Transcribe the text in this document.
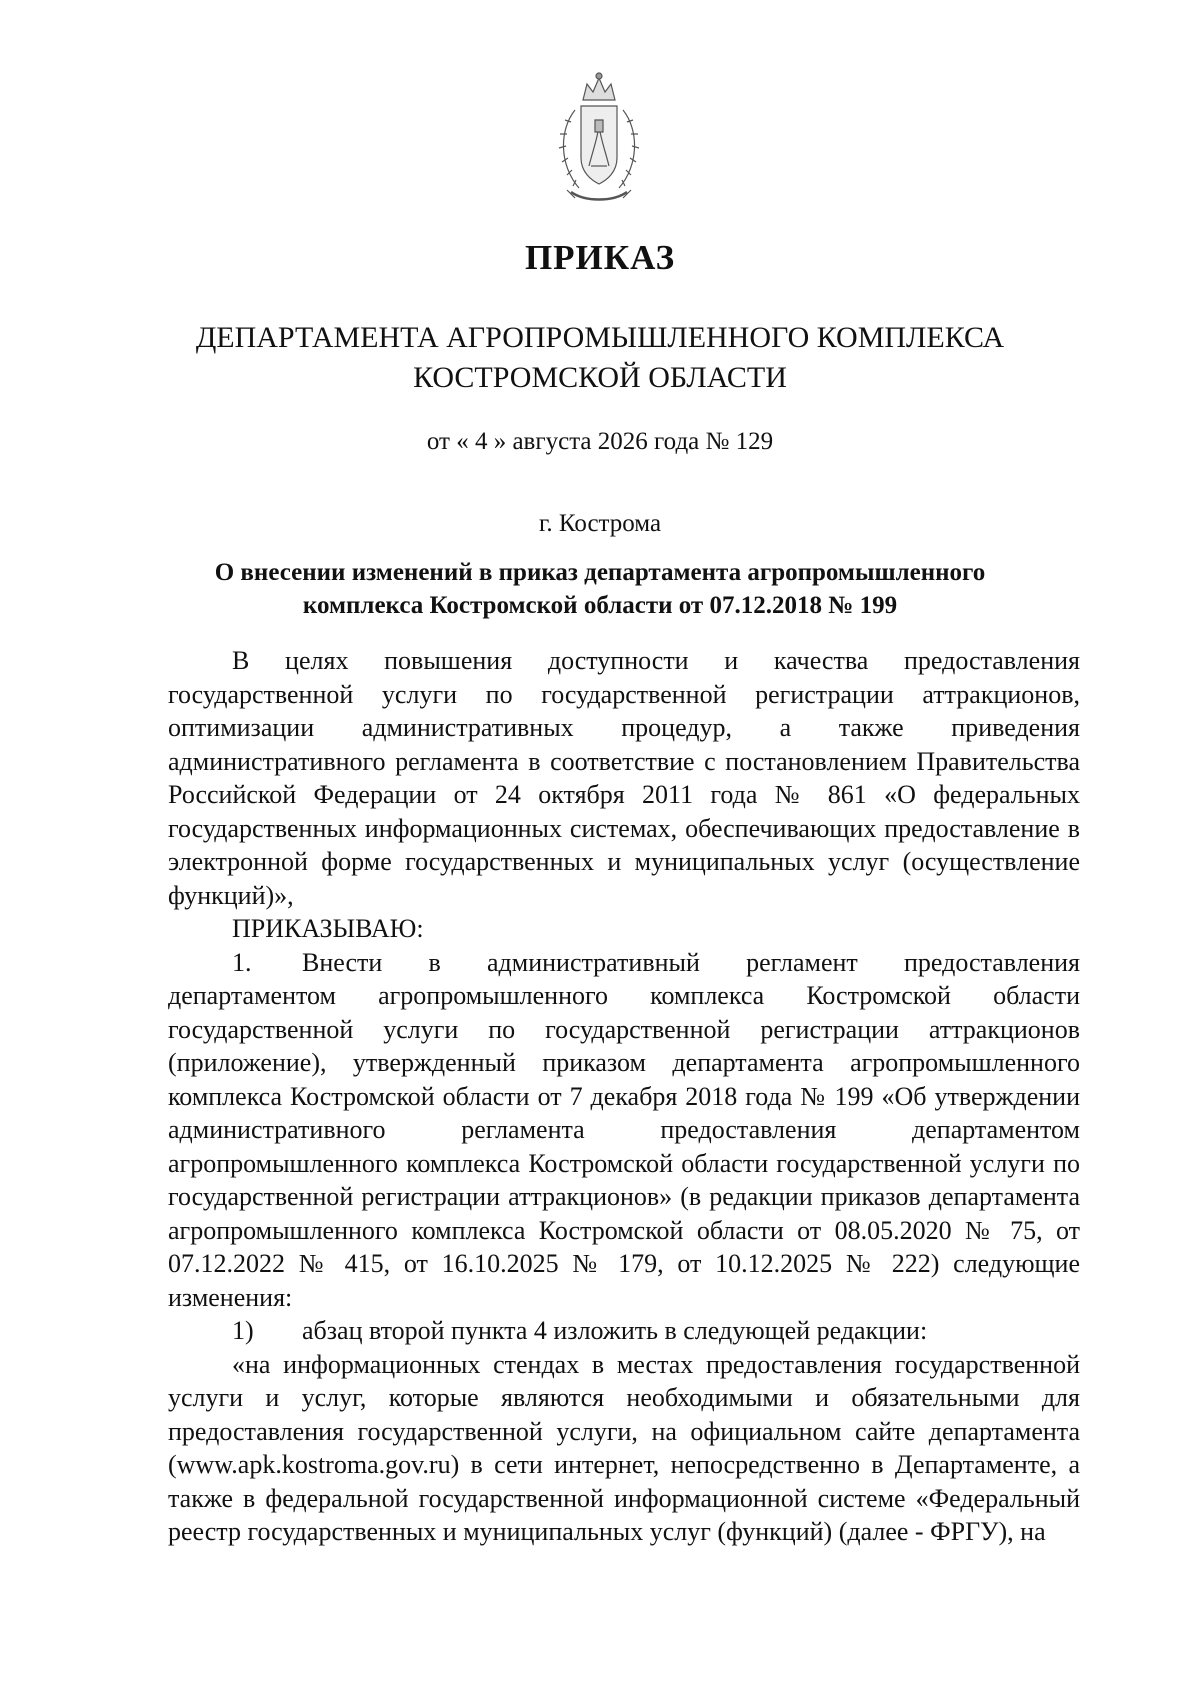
ПРИКАЗ
ДЕПАРТАМЕНТА АГРОПРОМЫШЛЕННОГО КОМПЛЕКСА
КОСТРОМСКОЙ ОБЛАСТИ
от « 4 » августа 2026 года № 129
г. Кострома
О внесении изменений в приказ департамента агропромышленного
комплекса Костромской области от 07.12.2018 № 199

В целях повышения доступности и качества предоставления государственной услуги по государственной регистрации аттракционов, оптимизации административных процедур, а также приведения административного регламента в соответствие с постановлением Правительства Российской Федерации от 24 октября 2011 года № 861 «О федеральных государственных информационных системах, обеспечивающих предоставление в электронной форме государственных и муниципальных услуг (осуществление функций)»,

ПРИКАЗЫВАЮ:

1. Внести в административный регламент предоставления департаментом агропромышленного комплекса Костромской области государственной услуги по государственной регистрации аттракционов (приложение), утвержденный приказом департамента агропромышленного комплекса Костромской области от 7 декабря 2018 года № 199 «Об утверждении административного регламента предоставления департаментом агропромышленного комплекса Костромской области государственной услуги по государственной регистрации аттракционов» (в редакции приказов департамента агропромышленного комплекса Костромской области от 08.05.2020 № 75, от 07.12.2022 № 415, от 16.10.2025 № 179, от 10.12.2025 № 222) следующие изменения:

1) абзац второй пункта 4 изложить в следующей редакции:

«на информационных стендах в местах предоставления государственной услуги и услуг, которые являются необходимыми и обязательными для предоставления государственной услуги, на официальном сайте департамента (www.apk.kostroma.gov.ru) в сети интернет, непосредственно в Департаменте, а также в федеральной государственной информационной системе «Федеральный реестр государственных и муниципальных услуг (функций) (далее - ФРГУ), на
